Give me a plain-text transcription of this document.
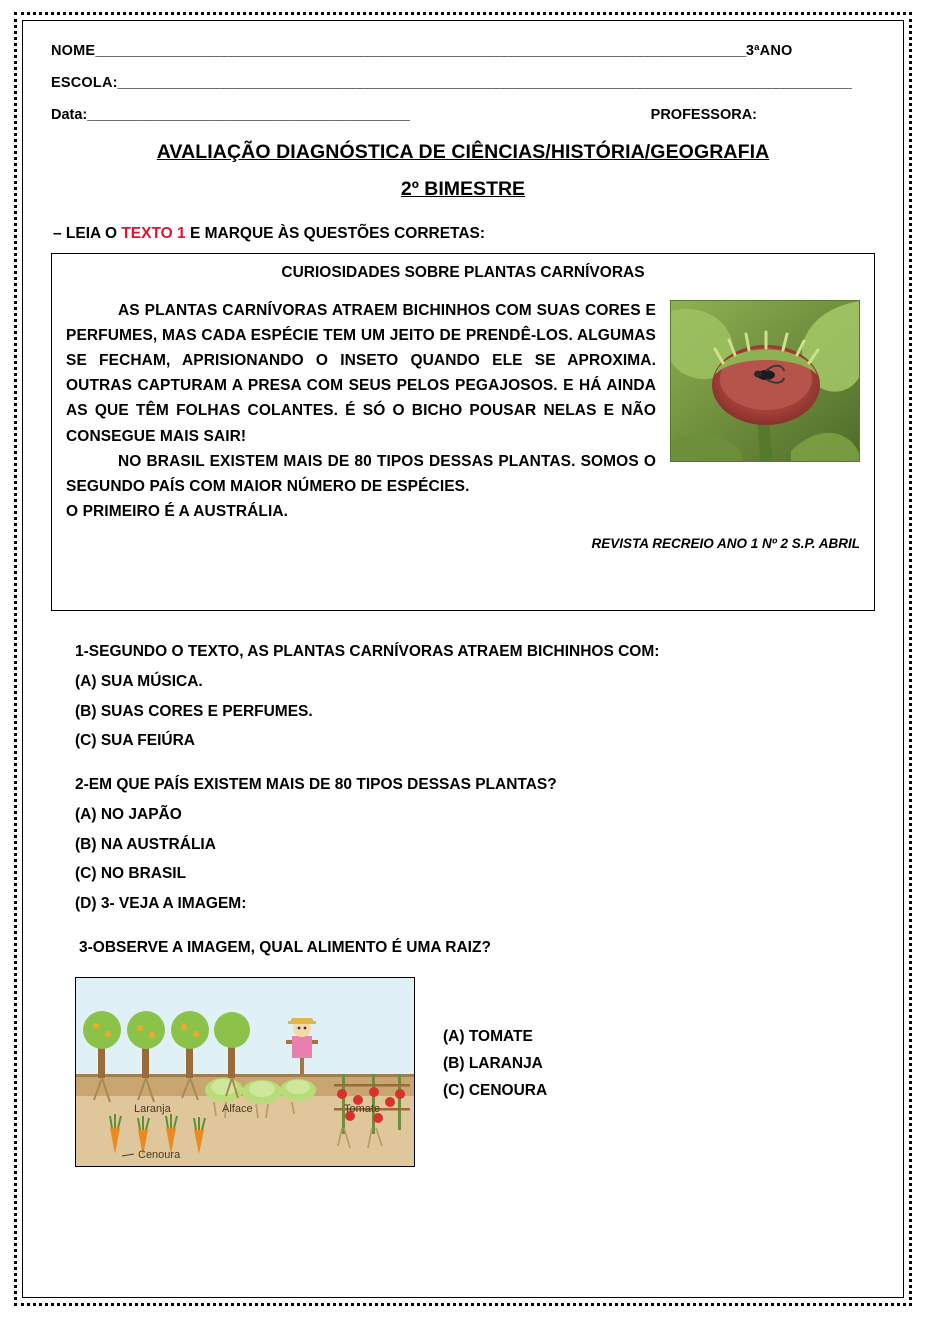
NOME______________________________________________________________________________________3ªANO
ESCOLA:_________________________________________________________________________________________________
Data:________________________________________	PROFESSORA:
AVALIAÇÃO DIAGNÓSTICA DE CIÊNCIAS/HISTÓRIA/GEOGRAFIA
2º BIMESTRE
– LEIA O TEXTO 1 E MARQUE ÀS QUESTÕES CORRETAS:
CURIOSIDADES SOBRE PLANTAS CARNÍVORAS

AS PLANTAS CARNÍVORAS ATRAEM BICHINHOS COM SUAS CORES E PERFUMES, MAS CADA ESPÉCIE TEM UM JEITO DE PRENDÊ-LOS. ALGUMAS SE FECHAM, APRISIONANDO O INSETO QUANDO ELE SE APROXIMA. OUTRAS CAPTURAM A PRESA COM SEUS PELOS PEGAJOSOS. E HÁ AINDA AS QUE TÊM FOLHAS COLANTES. É SÓ O BICHO POUSAR NELAS E NÃO CONSEGUE MAIS SAIR!

NO BRASIL EXISTEM MAIS DE 80 TIPOS DESSAS PLANTAS. SOMOS O SEGUNDO PAÍS COM MAIOR NÚMERO DE ESPÉCIES.

O PRIMEIRO É A AUSTRÁLIA.

REVISTA RECREIO ANO 1 Nº 2 S.P. ABRIL
1-SEGUNDO O TEXTO, AS PLANTAS CARNÍVORAS ATRAEM BICHINHOS COM:
(A) SUA MÚSICA.
(B) SUAS CORES E PERFUMES.
(C) SUA FEIÚRA
2-EM QUE PAÍS EXISTEM MAIS DE 80 TIPOS DESSAS PLANTAS?
(A) NO JAPÃO
(B) NA AUSTRÁLIA
(C) NO BRASIL
(D) 3- VEJA A IMAGEM:
3-OBSERVE A IMAGEM, QUAL ALIMENTO É UMA RAIZ?
Laranja	Alface	Tomate
Cenoura
(A) TOMATE
(B) LARANJA
(C) CENOURA
